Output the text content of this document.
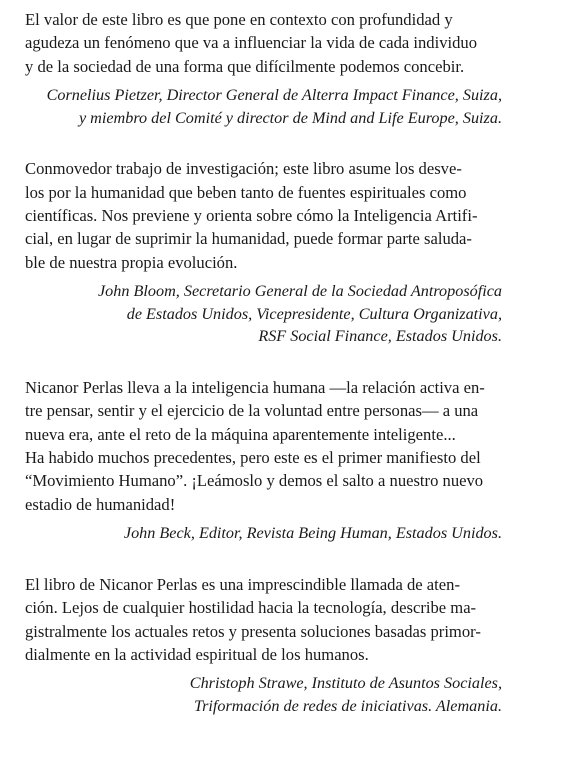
El valor de este libro es que pone en contexto con profundidad y
agudeza un fenómeno que va a influenciar la vida de cada individuo
y de la sociedad de una forma que difícilmente podemos concebir.

Cornelius Pietzer, Director General de Alterra Impact Finance, Suiza,
y miembro del Comité y director de Mind and Life Europe, Suiza.

Conmovedor trabajo de investigación; este libro asume los desve-
los por la humanidad que beben tanto de fuentes espirituales como
científicas. Nos previene y orienta sobre cómo la Inteligencia Artifi-
cial, en lugar de suprimir la humanidad, puede formar parte saluda-
ble de nuestra propia evolución.

John Bloom, Secretario General de la Sociedad Antroposófica
de Estados Unidos, Vicepresidente, Cultura Organizativa,
RSF Social Finance, Estados Unidos.

Nicanor Perlas lleva a la inteligencia humana —la relación activa en-
tre pensar, sentir y el ejercicio de la voluntad entre personas— a una
nueva era, ante el reto de la máquina aparentemente inteligente...
Ha habido muchos precedentes, pero este es el primer manifiesto del
“Movimiento Humano”. ¡Leámoslo y demos el salto a nuestro nuevo
estadio de humanidad!

John Beck, Editor, Revista Being Human, Estados Unidos.

El libro de Nicanor Perlas es una imprescindible llamada de aten-
ción. Lejos de cualquier hostilidad hacia la tecnología, describe ma-
gistralmente los actuales retos y presenta soluciones basadas primor-
dialmente en la actividad espiritual de los humanos.

Christoph Strawe, Instituto de Asuntos Sociales,
Triformación de redes de iniciativas. Alemania.
